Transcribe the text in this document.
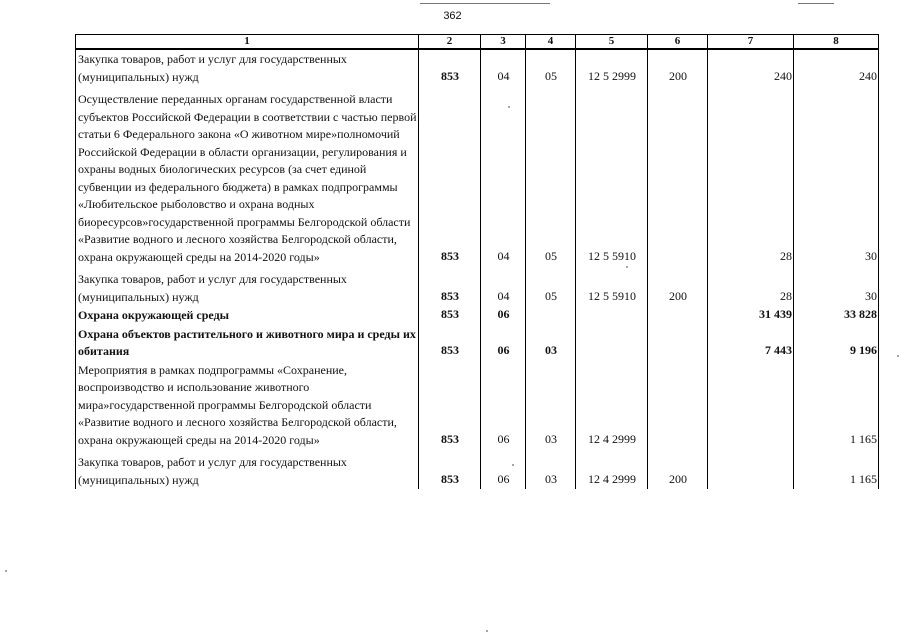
362
1	2	3	4	5	6	7	8
Закупка товаров, работ и услуг для государственных (муниципальных) нужд	853	04	05	12 5 2999	200	240	240

Осуществление переданных органам государственной власти субъектов Российской Федерации в соответствии с частью первой статьи 6 Федерального закона «О животном мире»полномочий Российской Федерации в области организации, регулирования и охраны водных биологических ресурсов (за счет единой субвенции из федерального бюджета) в рамках подпрограммы «Любительское рыболовство и охрана водных биоресурсов»государственной программы Белгородской области «Развитие водного и лесного хозяйства Белгородской области, охрана окружающей среды на 2014-2020 годы»	853	04	05	12 5 5910		28	30

Закупка товаров, работ и услуг для государственных (муниципальных) нужд	853	04	05	12 5 5910	200	28	30
Охрана окружающей среды	853	06				31 439	33 828
Охрана объектов растительного и животного мира и среды их обитания	853	06	03			7 443	9 196
Мероприятия в рамках подпрограммы «Сохранение, воспроизводство и использование животного мира»государственной программы Белгородской области «Развитие водного и лесного хозяйства Белгородской области, охрана окружающей среды на 2014-2020 годы»	853	06	03	12 4 2999			1 165

Закупка товаров, работ и услуг для государственных (муниципальных) нужд	853	06	03	12 4 2999	200		1 165
